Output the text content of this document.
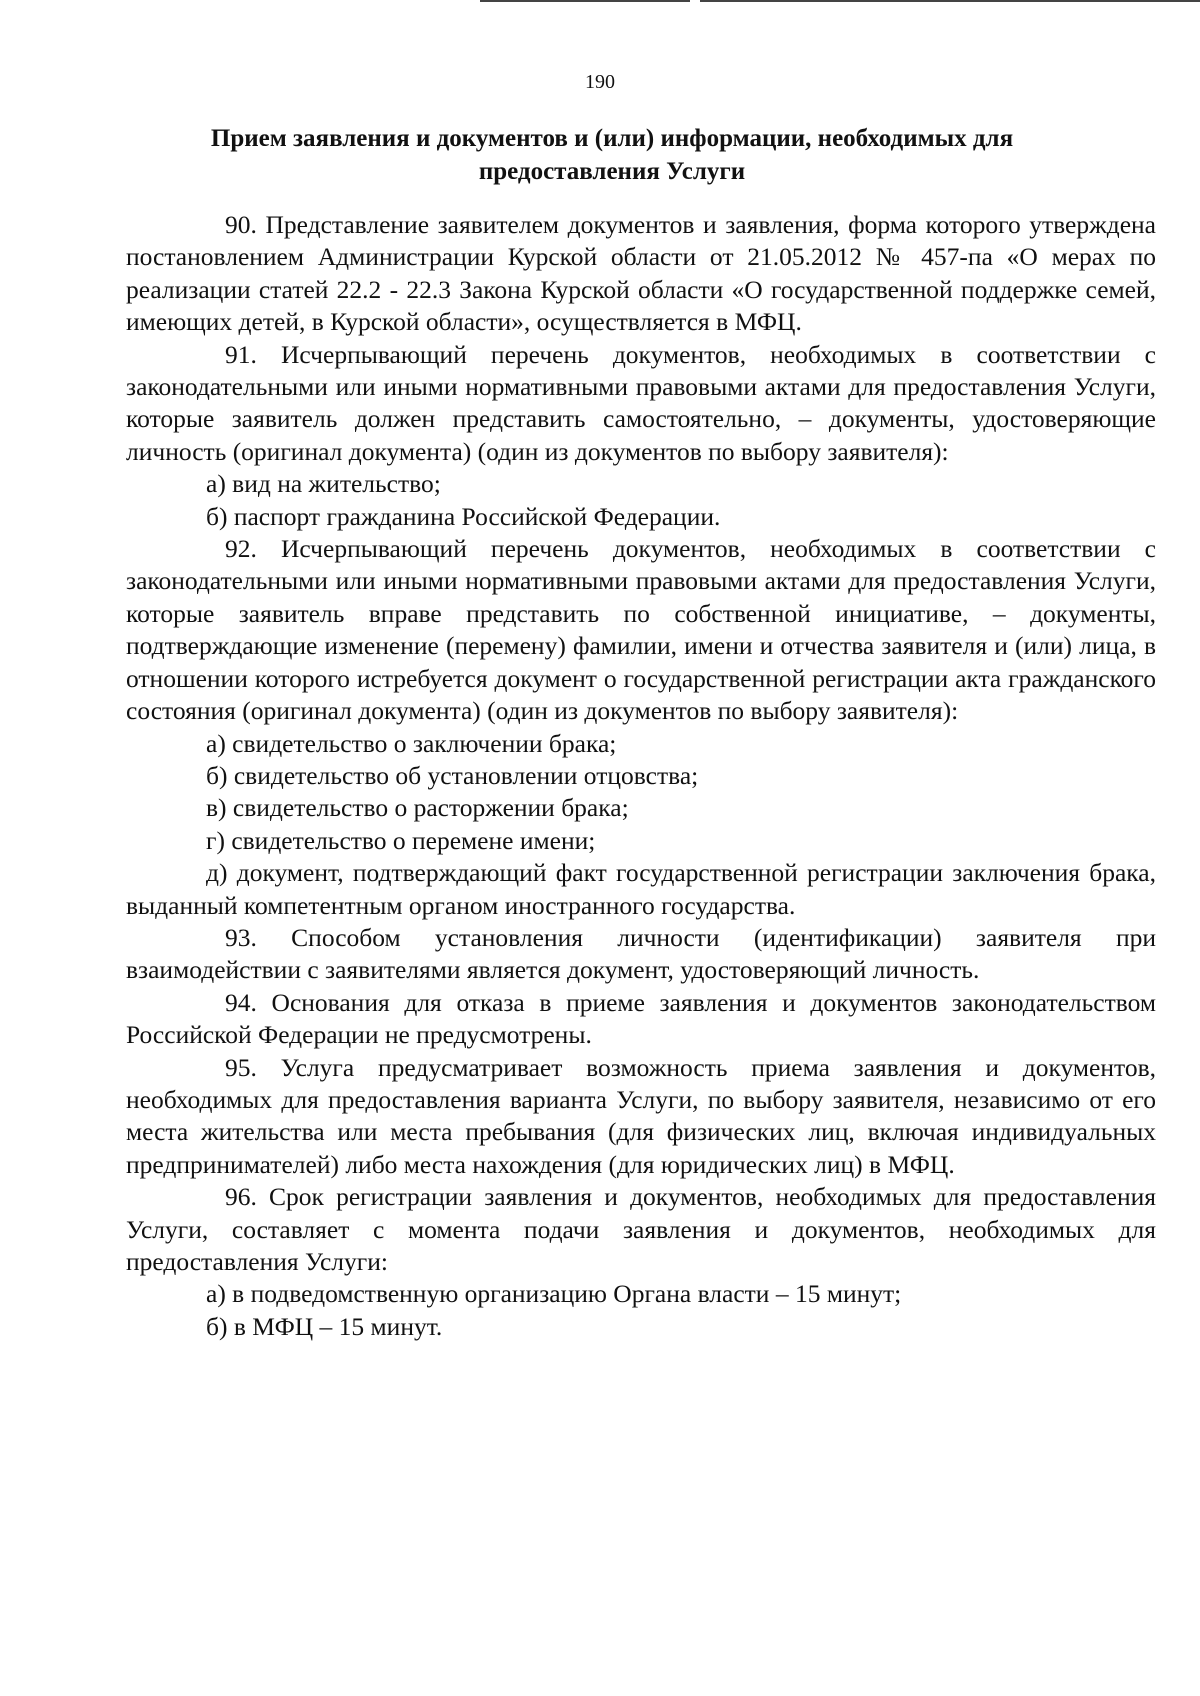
190
Прием заявления и документов и (или) информации, необходимых для
предоставления Услуги

90. Представление заявителем документов и заявления, форма которого утверждена постановлением Администрации Курской области от 21.05.2012 № 457-па «О мерах по реализации статей 22.2 - 22.3 Закона Курской области «О государственной поддержке семей, имеющих детей, в Курской области», осуществляется в МФЦ.

91. Исчерпывающий перечень документов, необходимых в соответствии с законодательными или иными нормативными правовыми актами для предоставления Услуги, которые заявитель должен представить самостоятельно, – документы, удостоверяющие личность (оригинал документа) (один из документов по выбору заявителя):

а) вид на жительство;

б) паспорт гражданина Российской Федерации.

92. Исчерпывающий перечень документов, необходимых в соответствии с законодательными или иными нормативными правовыми актами для предоставления Услуги, которые заявитель вправе представить по собственной инициативе, – документы, подтверждающие изменение (перемену) фамилии, имени и отчества заявителя и (или) лица, в отношении которого истребуется документ о государственной регистрации акта гражданского состояния (оригинал документа) (один из документов по выбору заявителя):

а) свидетельство о заключении брака;

б) свидетельство об установлении отцовства;

в) свидетельство о расторжении брака;

г) свидетельство о перемене имени;

д) документ, подтверждающий факт государственной регистрации заключения брака, выданный компетентным органом иностранного государства.

93. Способом установления личности (идентификации) заявителя при взаимодействии с заявителями является документ, удостоверяющий личность.

94. Основания для отказа в приеме заявления и документов законодательством Российской Федерации не предусмотрены.

95. Услуга предусматривает возможность приема заявления и документов, необходимых для предоставления варианта Услуги, по выбору заявителя, независимо от его места жительства или места пребывания (для физических лиц, включая индивидуальных предпринимателей) либо места нахождения (для юридических лиц) в МФЦ.

96. Срок регистрации заявления и документов, необходимых для предоставления Услуги, составляет с момента подачи заявления и документов, необходимых для предоставления Услуги:

а) в подведомственную организацию Органа власти – 15 минут;

б) в МФЦ – 15 минут.
